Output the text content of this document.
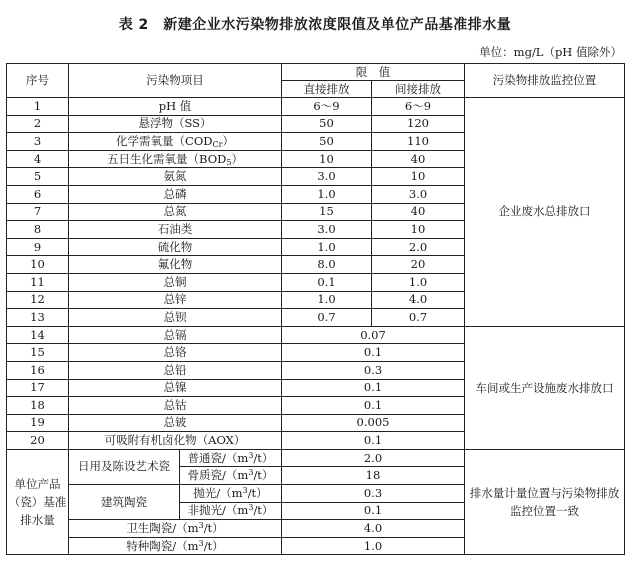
表 2　新建企业水污染物排放浓度限值及单位产品基准排水量
单位：mg/L（pH 值除外）
序号	污染物项目		限　值		污染物排放监控位置
			直接排放	间接排放	
1	pH 值		6～9	6～9	企业废水总排放口
2	悬浮物（SS）		50	120	
3	化学需氧量$(COD_{Cr})$		50	110	
4	五日生化需氧量$(BOD_5)$		10	40	
5	氨氮		3.0	10	
6	总磷		1.0	3.0	
7	总氮		15	40	
8	石油类		3.0	10	
9	硫化物		1.0	2.0	
10	氟化物		8.0	20	
11	总铜		0.1	1.0	
12	总锌		1.0	4.0	
13	总钡		0.7	0.7	
14	总镉		0.07		车间或生产设施废水排放口
15	总铬		0.1		
16	总铅		0.3		
17	总镍		0.1		
18	总钴		0.1		
19	总铍		0.005		
20	可吸附有机卤化物（AOX）		0.1		
单位产品（瓷）基准排水量	日用及陈设艺术瓷	普通瓷$/(m^3/t)$	2.0		排水量计量位置与污染物排放监控位置一致
		骨质瓷$/(m^3/t)$	18		
	建筑陶瓷	抛光$/(m^3/t)$	0.3		
		非抛光$/(m^3/t)$	0.1		
	卫生陶瓷$/(m^3/t)$		4.0		
	特种陶瓷$/(m^3/t)$		1.0		
